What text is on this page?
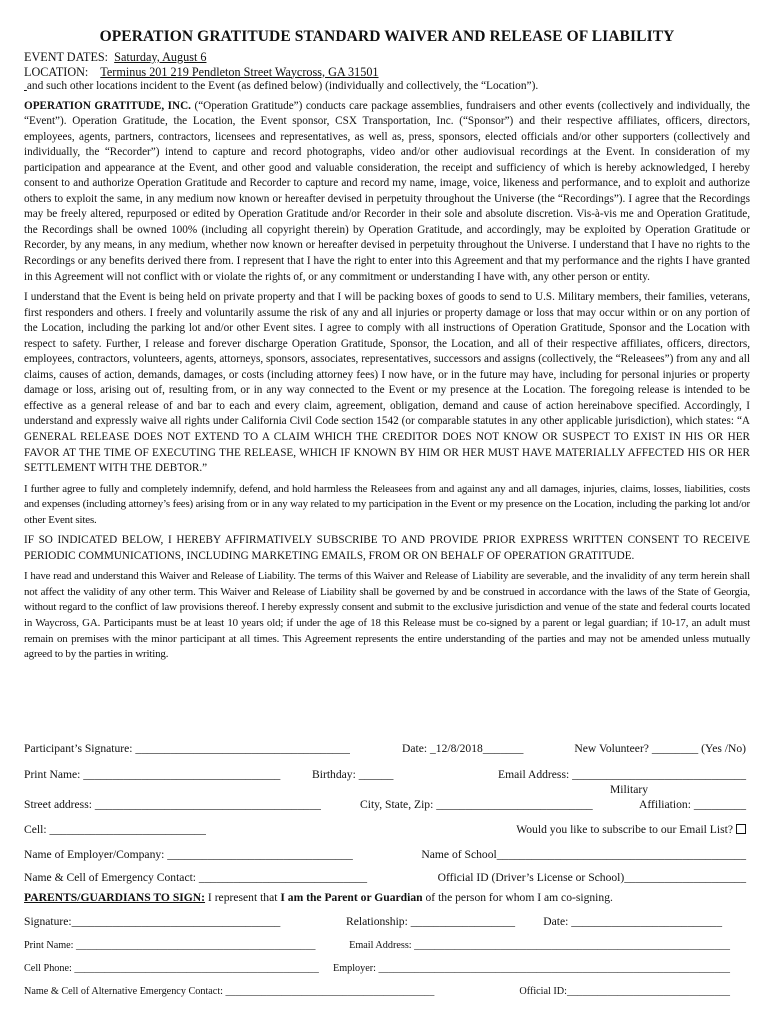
OPERATION GRATITUDE STANDARD WAIVER AND RELEASE OF LIABILITY
EVENT DATES: Saturday, August 6
LOCATION: Terminus 201 219 Pendleton Street Waycross, GA 31501
and such other locations incident to the Event (as defined below) (individually and collectively, the “Location”).

OPERATION GRATITUDE, INC. (“Operation Gratitude”) conducts care package assemblies, fundraisers and other events (collectively and individually, the “Event”). Operation Gratitude, the Location, the Event sponsor, CSX Transportation, Inc. (“Sponsor”) and their respective affiliates, officers, directors, employees, agents, partners, contractors, licensees and representatives, as well as, press, sponsors, elected officials and/or other supporters (collectively and individually, the “Recorder”) intend to capture and record photographs, video and/or other audiovisual recordings at the Event. In consideration of my participation and appearance at the Event, and other good and valuable consideration, the receipt and sufficiency of which is hereby acknowledged, I hereby consent to and authorize Operation Gratitude and Recorder to capture and record my name, image, voice, likeness and performance, and to exploit and authorize others to exploit the same, in any medium now known or hereafter devised in perpetuity throughout the Universe (the “Recordings”). I agree that the Recordings may be freely altered, repurposed or edited by Operation Gratitude and/or Recorder in their sole and absolute discretion. Vis-à-vis me and Operation Gratitude, the Recordings shall be owned 100% (including all copyright therein) by Operation Gratitude, and accordingly, may be exploited by Operation Gratitude or Recorder, by any means, in any medium, whether now known or hereafter devised in perpetuity throughout the Universe. I understand that I have no rights to the Recordings or any benefits derived there from. I represent that I have the right to enter into this Agreement and that my performance and the rights I have granted in this Agreement will not conflict with or violate the rights of, or any commitment or understanding I have with, any other person or entity.

I understand that the Event is being held on private property and that I will be packing boxes of goods to send to U.S. Military members, their families, veterans, first responders and others. I freely and voluntarily assume the risk of any and all injuries or property damage or loss that may occur within or on any portion of the Location, including the parking lot and/or other Event sites. I agree to comply with all instructions of Operation Gratitude, Sponsor and the Location with respect to safety. Further, I release and forever discharge Operation Gratitude, Sponsor, the Location, and all of their respective affiliates, officers, directors, employees, contractors, volunteers, agents, attorneys, sponsors, associates, representatives, successors and assigns (collectively, the “Releasees”) from any and all claims, causes of action, demands, damages, or costs (including attorney fees) I now have, or in the future may have, including for personal injuries or property damage or loss, arising out of, resulting from, or in any way connected to the Event or my presence at the Location. The foregoing release is intended to be effective as a general release of and bar to each and every claim, agreement, obligation, demand and cause of action hereinabove specified. Accordingly, I understand and expressly waive all rights under California Civil Code section 1542 (or comparable statutes in any other applicable jurisdiction), which states: “A GENERAL RELEASE DOES NOT EXTEND TO A CLAIM WHICH THE CREDITOR DOES NOT KNOW OR SUSPECT TO EXIST IN HIS OR HER FAVOR AT THE TIME OF EXECUTING THE RELEASE, WHICH IF KNOWN BY HIM OR HER MUST HAVE MATERIALLY AFFECTED HIS OR HER SETTLEMENT WITH THE DEBTOR.”

I further agree to fully and completely indemnify, defend, and hold harmless the Releasees from and against any and all damages, injuries, claims, losses, liabilities, costs and expenses (including attorney’s fees) arising from or in any way related to my participation in the Event or my presence on the Location, including the parking lot and/or other Event sites.

IF SO INDICATED BELOW, I HEREBY AFFIRMATIVELY SUBSCRIBE TO AND PROVIDE PRIOR EXPRESS WRITTEN CONSENT TO RECEIVE PERIODIC COMMUNICATIONS, INCLUDING MARKETING EMAILS, FROM OR ON BEHALF OF OPERATION GRATITUDE.

I have read and understand this Waiver and Release of Liability. The terms of this Waiver and Release of Liability are severable, and the invalidity of any term herein shall not affect the validity of any other term. This Waiver and Release of Liability shall be governed by and be construed in accordance with the laws of the State of Georgia, without regard to the conflict of law provisions thereof. I hereby expressly consent and submit to the exclusive jurisdiction and venue of the state and federal courts located in Waycross, GA. Participants must be at least 10 years old; if under the age of 18 this Release must be co-signed by a parent or legal guardian; if 10-17, an adult must remain on premises with the minor participant at all times. This Agreement represents the entire understanding of the parties and may not be amended unless mutually agreed to by the parties in writing.

Participant’s Signature: _____________________________________	Date: _12/8/2018_______	New Volunteer? ________ (Yes /No)
Print Name: __________________________________	Birthday: ______	Email Address: ______________________________
Military
Street address: _______________________________________	City, State, Zip: ___________________________	Affiliation: _________
Cell: ___________________________	Would you like to subscribe to our Email List?
Name of Employer/Company: ________________________________	Name of School___________________________________________
Name & Cell of Emergency Contact: _____________________________	Official ID (Driver’s License or School)_____________________
PARENTS/GUARDIANS TO SIGN: I represent that I am the Parent or Guardian of the person for whom I am co-signing.
Signature:____________________________________	Relationship: __________________ Date: __________________________
Print Name: _______________________________________________	Email Address: ______________________________________________________________
Cell Phone: ________________________________________________ Employer: _____________________________________________________________________
Name & Cell of Alternative Emergency Contact: _________________________________________	Official ID:________________________________
